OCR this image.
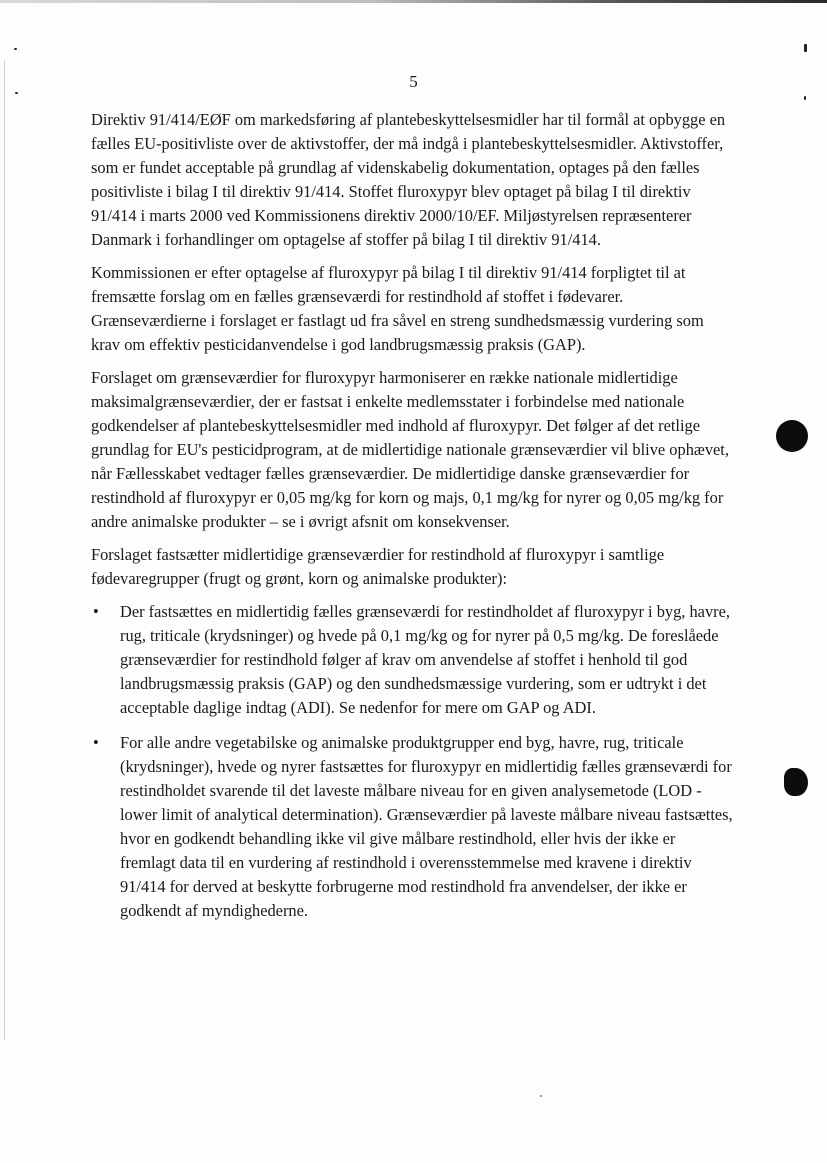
5

Direktiv 91/414/EØF om markedsføring af plantebeskyttelsesmidler har til formål at opbygge en fælles EU-positivliste over de aktivstoffer, der må indgå i plantebeskyttelsesmidler. Aktivstoffer, som er fundet acceptable på grundlag af videnskabelig dokumentation, optages på den fælles positivliste i bilag I til direktiv 91/414. Stoffet fluroxypyr blev optaget på bilag I til direktiv 91/414 i marts 2000 ved Kommissionens direktiv 2000/10/EF. Miljøstyrelsen repræsenterer Danmark i forhandlinger om optagelse af stoffer på bilag I til direktiv 91/414.

Kommissionen er efter optagelse af fluroxypyr på bilag I til direktiv 91/414 forpligtet til at fremsætte forslag om en fælles grænseværdi for restindhold af stoffet i fødevarer. Grænseværdierne i forslaget er fastlagt ud fra såvel en streng sundhedsmæssig vurdering som krav om effektiv pesticidanvendelse i god landbrugsmæssig praksis (GAP).

Forslaget om grænseværdier for fluroxypyr harmoniserer en række nationale midlertidige maksimalgrænseværdier, der er fastsat i enkelte medlemsstater i forbindelse med nationale godkendelser af plantebeskyttelsesmidler med indhold af fluroxypyr. Det følger af det retlige grundlag for EU's pesticidprogram, at de midlertidige nationale grænseværdier vil blive ophævet, når Fællesskabet vedtager fælles grænseværdier. De midlertidige danske grænseværdier for restindhold af fluroxypyr er 0,05 mg/kg for korn og majs, 0,1 mg/kg for nyrer og 0,05 mg/kg for andre animalske produkter – se i øvrigt afsnit om konsekvenser.

Forslaget fastsætter midlertidige grænseværdier for restindhold af fluroxypyr i samtlige fødevaregrupper (frugt og grønt, korn og animalske produkter):

• Der fastsættes en midlertidig fælles grænseværdi for restindholdet af fluroxypyr i byg, havre, rug, triticale (krydsninger) og hvede på 0,1 mg/kg og for nyrer på 0,5 mg/kg. De foreslåede grænseværdier for restindhold følger af krav om anvendelse af stoffet i henhold til god landbrugsmæssig praksis (GAP) og den sundhedsmæssige vurdering, som er udtrykt i det acceptable daglige indtag (ADI). Se nedenfor for mere om GAP og ADI.
• For alle andre vegetabilske og animalske produktgrupper end byg, havre, rug, triticale (krydsninger), hvede og nyrer fastsættes for fluroxypyr en midlertidig fælles grænseværdi for restindholdet svarende til det laveste målbare niveau for en given analysemetode (LOD - lower limit of analytical determination). Grænseværdier på laveste målbare niveau fastsættes, hvor en godkendt behandling ikke vil give målbare restindhold, eller hvis der ikke er fremlagt data til en vurdering af restindhold i overensstemmelse med kravene i direktiv 91/414 for derved at beskytte forbrugerne mod restindhold fra anvendelser, der ikke er godkendt af myndighederne.
